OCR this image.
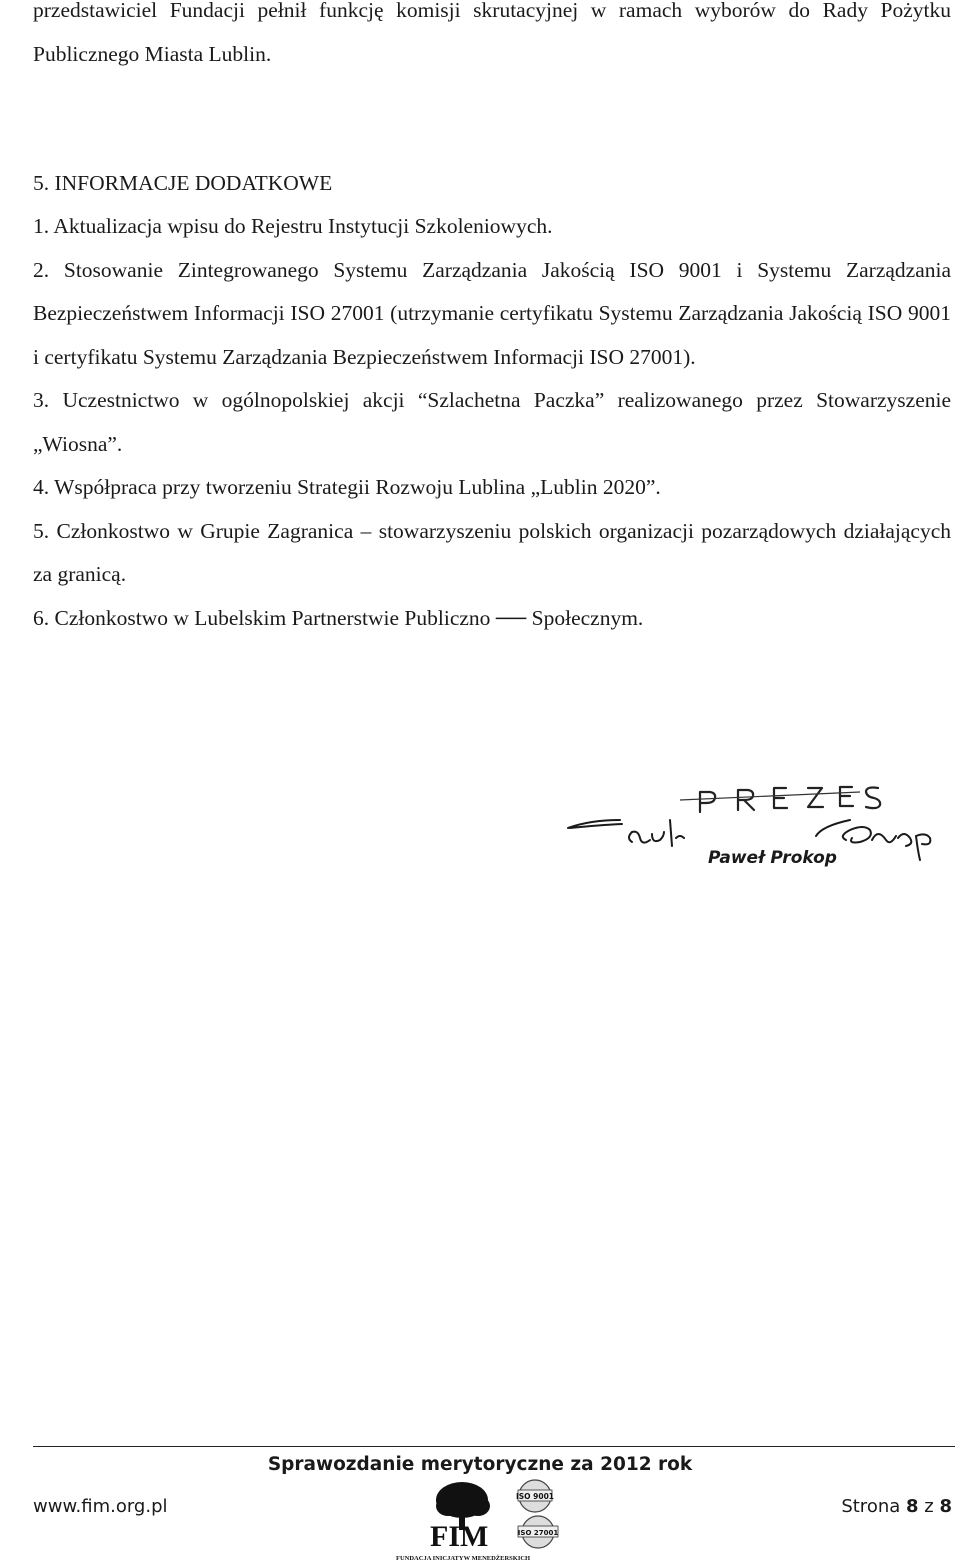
przedstawiciel Fundacji pełnił funkcję komisji skrutacyjnej w ramach wyborów do Rady Pożytku Publicznego Miasta Lublin.

5. INFORMACJE DODATKOWE
1. Aktualizacja wpisu do Rejestru Instytucji Szkoleniowych.
2. Stosowanie Zintegrowanego Systemu Zarządzania Jakością ISO 9001 i Systemu Zarządzania Bezpieczeństwem Informacji ISO 27001 (utrzymanie certyfikatu Systemu Zarządzania Jakością ISO 9001 i certyfikatu Systemu Zarządzania Bezpieczeństwem Informacji ISO 27001).
3. Uczestnictwo w ogólnopolskiej akcji “Szlachetna Paczka” realizowanego przez Stowarzyszenie „Wiosna”.
4. Współpraca przy tworzeniu Strategii Rozwoju Lublina „Lublin 2020”.
5. Członkostwo w Grupie Zagranica – stowarzyszeniu polskich organizacji pozarządowych działających za granicą.
6. Członkostwo w Lubelskim Partnerstwie Publiczno ── Społecznym.
Paweł Prokop
Sprawozdanie merytoryczne za 2012 rok
www.fim.org.pl	Strona 8 z 8
FIM
FUNDACJA INICJATYW MENEDŻERSKICH
ISO 9001
ISO 27001
